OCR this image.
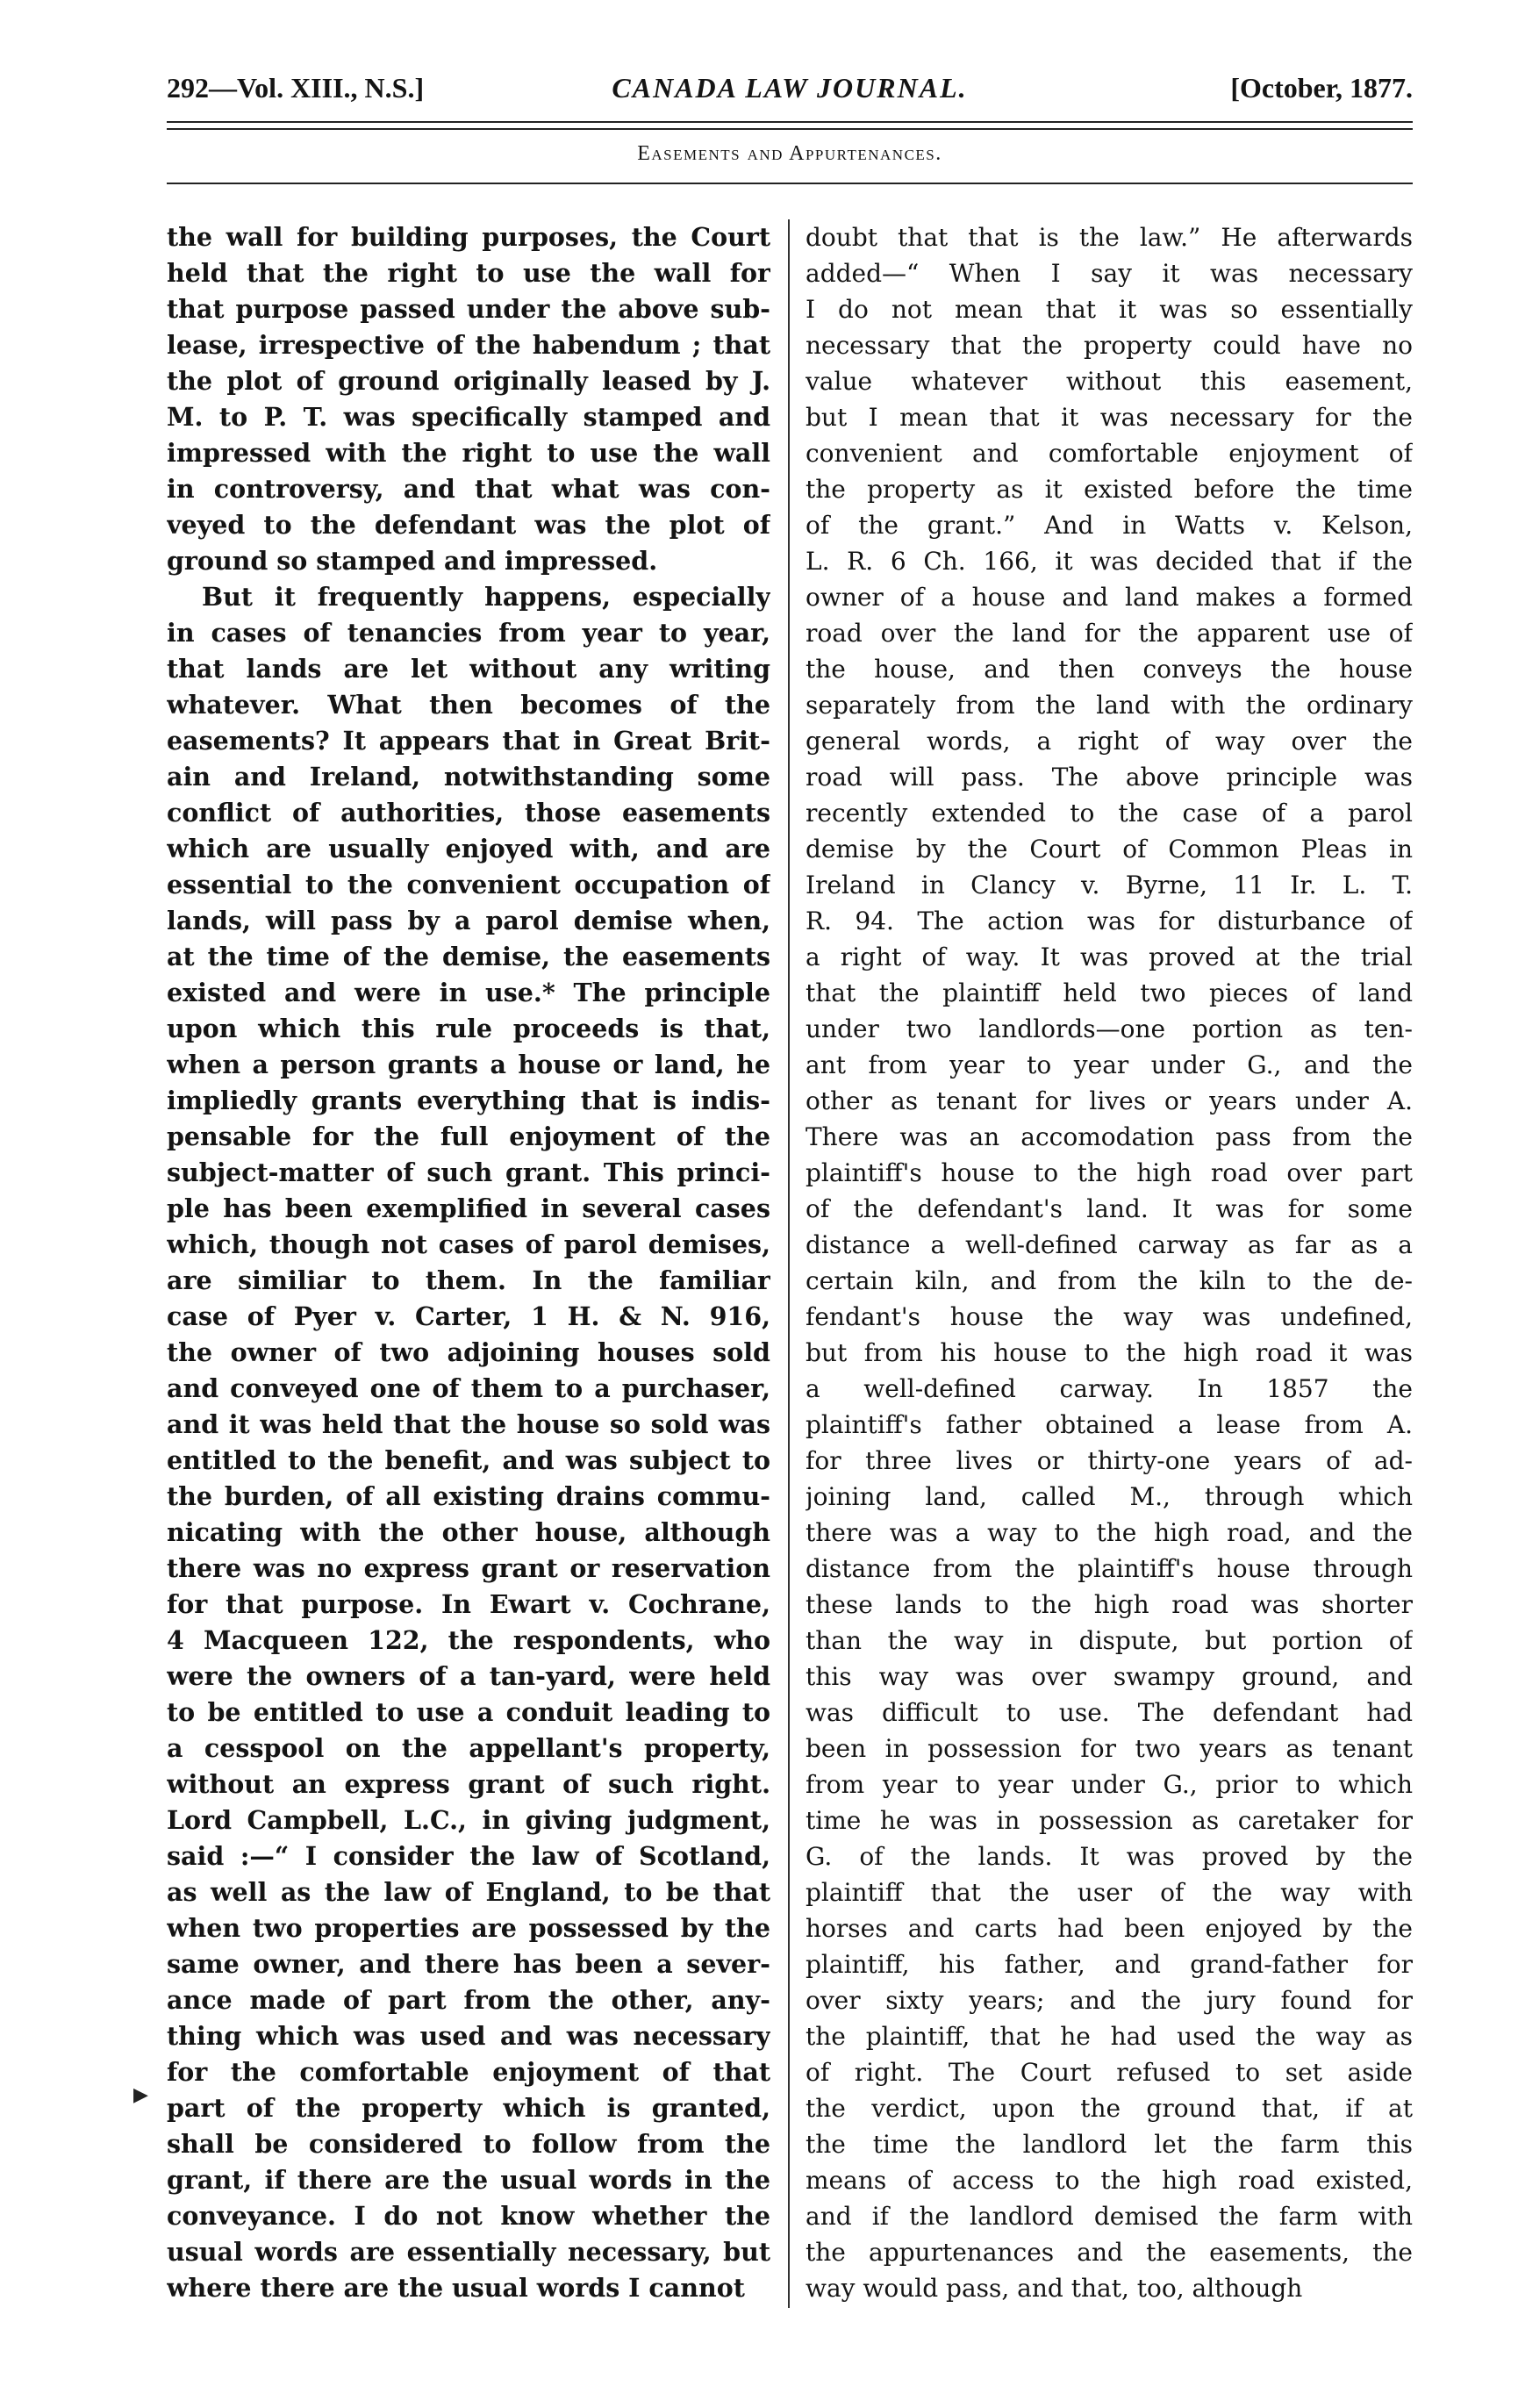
292—Vol. XIII., N.S.]	CANADA LAW JOURNAL.	[October, 1877.
Easements and Appurtenances.
the wall for building purposes, the Court
held that the right to use the wall for
that purpose passed under the above sub-
lease, irrespective of the habendum ; that
the plot of ground originally leased by J.
M. to P. T. was specifically stamped and
impressed with the right to use the wall
in controversy, and that what was con-
veyed to the defendant was the plot of
ground so stamped and impressed.
But it frequently happens, especially
in cases of tenancies from year to year,
that lands are let without any writing
whatever. What then becomes of the
easements? It appears that in Great Brit-
ain and Ireland, notwithstanding some
conflict of authorities, those easements
which are usually enjoyed with, and are
essential to the convenient occupation of
lands, will pass by a parol demise when,
at the time of the demise, the easements
existed and were in use.* The principle
upon which this rule proceeds is that,
when a person grants a house or land, he
impliedly grants everything that is indis-
pensable for the full enjoyment of the
subject-matter of such grant. This princi-
ple has been exemplified in several cases
which, though not cases of parol demises,
are similiar to them. In the familiar
case of Pyer v. Carter, 1 H. & N. 916,
the owner of two adjoining houses sold
and conveyed one of them to a purchaser,
and it was held that the house so sold was
entitled to the benefit, and was subject to
the burden, of all existing drains commu-
nicating with the other house, although
there was no express grant or reservation
for that purpose. In Ewart v. Cochrane,
4 Macqueen 122, the respondents, who
were the owners of a tan-yard, were held
to be entitled to use a conduit leading to
a cesspool on the appellant's property,
without an express grant of such right.
Lord Campbell, L.C., in giving judgment,
said :—“ I consider the law of Scotland,
as well as the law of England, to be that
when two properties are possessed by the
same owner, and there has been a sever-
ance made of part from the other, any-
thing which was used and was necessary
for the comfortable enjoyment of that
part of the property which is granted,
shall be considered to follow from the
grant, if there are the usual words in the
conveyance. I do not know whether the
usual words are essentially necessary, but
where there are the usual words I cannot
doubt that that is the law.” He afterwards
added—“ When I say it was necessary
I do not mean that it was so essentially
necessary that the property could have no
value whatever without this easement,
but I mean that it was necessary for the
convenient and comfortable enjoyment of
the property as it existed before the time
of the grant.” And in Watts v. Kelson,
L. R. 6 Ch. 166, it was decided that if the
owner of a house and land makes a formed
road over the land for the apparent use of
the house, and then conveys the house
separately from the land with the ordinary
general words, a right of way over the
road will pass. The above principle was
recently extended to the case of a parol
demise by the Court of Common Pleas in
Ireland in Clancy v. Byrne, 11 Ir. L. T.
R. 94. The action was for disturbance of
a right of way. It was proved at the trial
that the plaintiff held two pieces of land
under two landlords—one portion as ten-
ant from year to year under G., and the
other as tenant for lives or years under A.
There was an accomodation pass from the
plaintiff's house to the high road over part
of the defendant's land. It was for some
distance a well-defined carway as far as a
certain kiln, and from the kiln to the de-
fendant's house the way was undefined,
but from his house to the high road it was
a well-defined carway. In 1857 the
plaintiff's father obtained a lease from A.
for three lives or thirty-one years of ad-
joining land, called M., through which
there was a way to the high road, and the
distance from the plaintiff's house through
these lands to the high road was shorter
than the way in dispute, but portion of
this way was over swampy ground, and
was difficult to use. The defendant had
been in possession for two years as tenant
from year to year under G., prior to which
time he was in possession as caretaker for
G. of the lands. It was proved by the
plaintiff that the user of the way with
horses and carts had been enjoyed by the
plaintiff, his father, and grand-father for
over sixty years; and the jury found for
the plaintiff, that he had used the way as
of right. The Court refused to set aside
the verdict, upon the ground that, if at
the time the landlord let the farm this
means of access to the high road existed,
and if the landlord demised the farm with
the appurtenances and the easements, the
way would pass, and that, too, although
▶
